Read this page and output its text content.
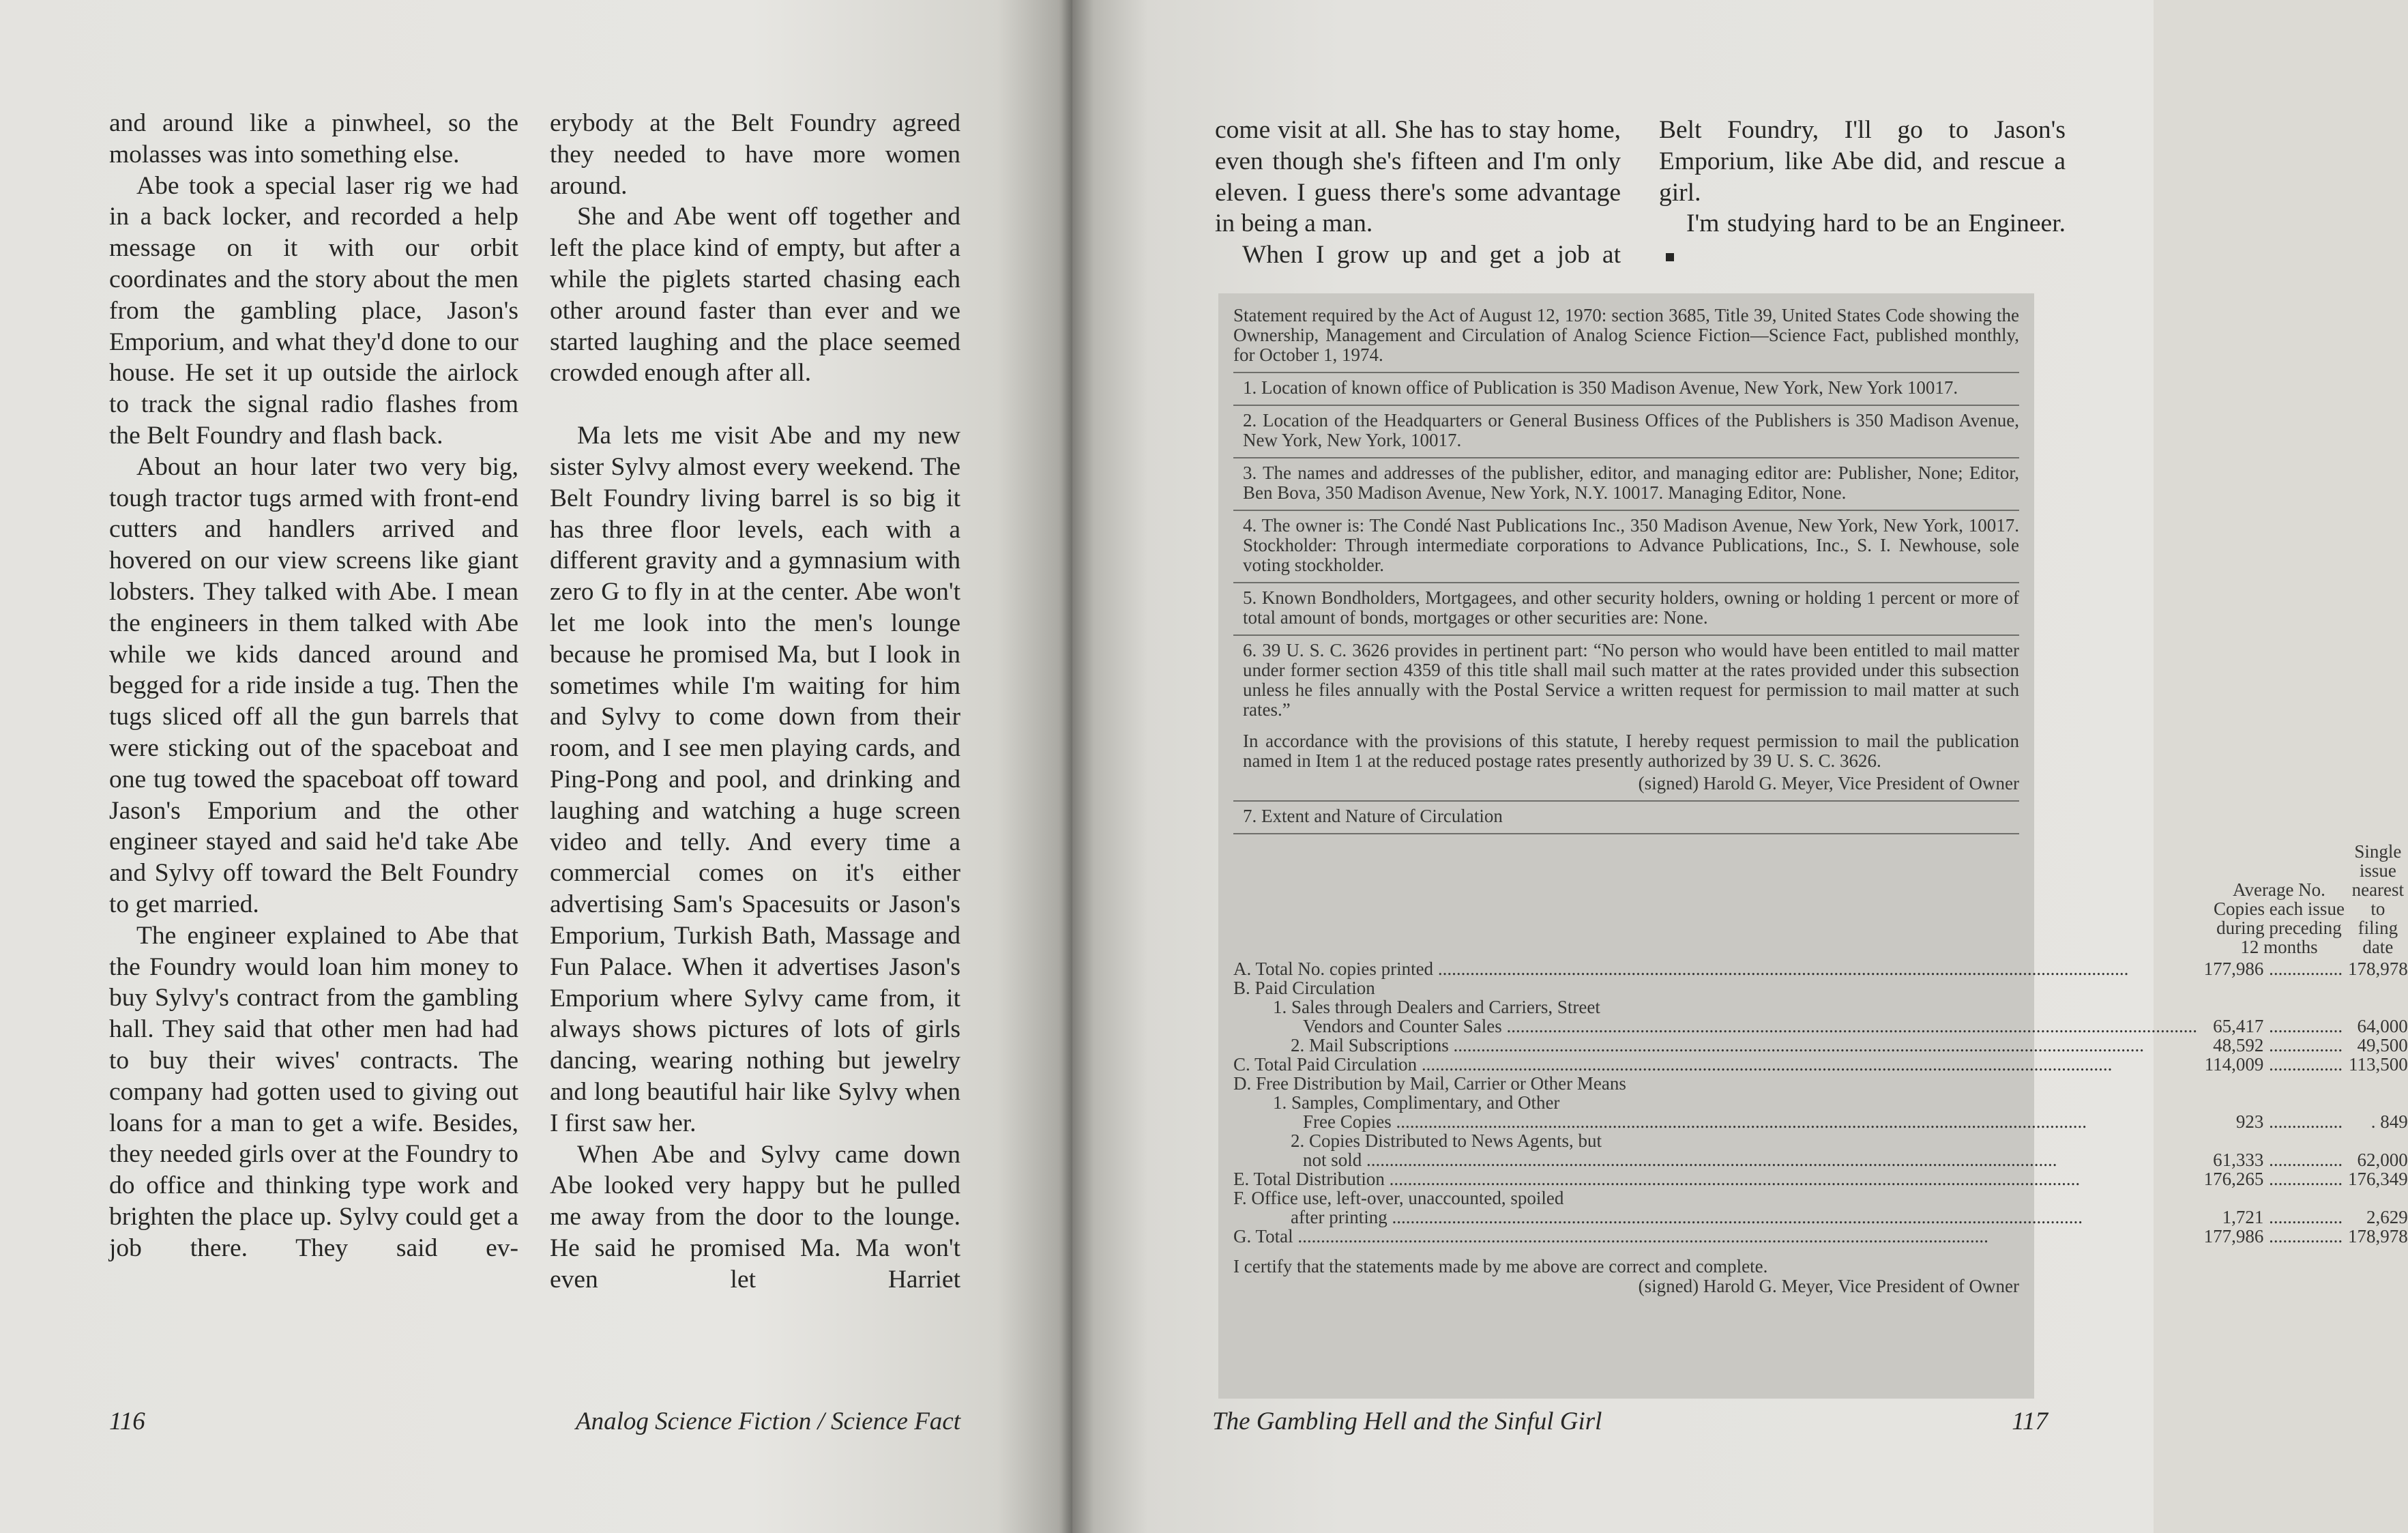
and around like a pinwheel, so the molasses was into something else.

Abe took a special laser rig we had in a back locker, and recorded a help message on it with our orbit coordinates and the story about the men from the gambling place, Jason's Emporium, and what they'd done to our house. He set it up outside the airlock to track the signal radio flashes from the Belt Foundry and flash back.

About an hour later two very big, tough tractor tugs armed with front-end cutters and handlers arrived and hovered on our view screens like giant lobsters. They talked with Abe. I mean the engineers in them talked with Abe while we kids danced around and begged for a ride inside a tug. Then the tugs sliced off all the gun barrels that were sticking out of the spaceboat and one tug towed the spaceboat off toward Jason's Emporium and the other engineer stayed and said he'd take Abe and Sylvy off toward the Belt Foundry to get married.

The engineer explained to Abe that the Foundry would loan him money to buy Sylvy's contract from the gambling hall. They said that other men had had to buy their wives' contracts. The company had gotten used to giving out loans for a man to get a wife. Besides, they needed girls over at the Foundry to do office and thinking type work and brighten the place up. Sylvy could get a job there. They said ev-

erybody at the Belt Foundry agreed they needed to have more women around.

She and Abe went off together and left the place kind of empty, but after a while the piglets started chasing each other around faster than ever and we started laughing and the place seemed crowded enough after all.

Ma lets me visit Abe and my new sister Sylvy almost every weekend. The Belt Foundry living barrel is so big it has three floor levels, each with a different gravity and a gymnasium with zero G to fly in at the center. Abe won't let me look into the men's lounge because he promised Ma, but I look in sometimes while I'm waiting for him and Sylvy to come down from their room, and I see men playing cards, and Ping-Pong and pool, and drinking and laughing and watching a huge screen video and telly. And every time a commercial comes on it's either advertising Sam's Spacesuits or Jason's Emporium, Turkish Bath, Massage and Fun Palace. When it advertises Jason's Emporium where Sylvy came from, it always shows pictures of lots of girls dancing, wearing nothing but jewelry and long beautiful hair like Sylvy when I first saw her.

When Abe and Sylvy came down Abe looked very happy but he pulled me away from the door to the lounge. He said he promised Ma. Ma won't even let Harriet

116	Analog Science Fiction / Science Fact

come visit at all. She has to stay home, even though she's fifteen and I'm only eleven. I guess there's some advantage in being a man.

When I grow up and get a job at

Belt Foundry, I'll go to Jason's Emporium, like Abe did, and rescue a girl.

I'm studying hard to be an Engineer.

The Gambling Hell and the Sinful Girl	117
Statement required by the Act of August 12, 1970: section 3685, Title 39, United States Code showing the Ownership, Management and Circulation of Analog Science Fiction—Science Fact, published monthly, for October 1, 1974.
1. Location of known office of Publication is 350 Madison Avenue, New York, New York 10017.
2. Location of the Headquarters or General Business Offices of the Publishers is 350 Madison Avenue, New York, New York, 10017.
3. The names and addresses of the publisher, editor, and managing editor are: Publisher, None; Editor, Ben Bova, 350 Madison Avenue, New York, N.Y. 10017. Managing Editor, None.
4. The owner is: The Condé Nast Publications Inc., 350 Madison Avenue, New York, New York, 10017. Stockholder: Through intermediate corporations to Advance Publications, Inc., S. I. Newhouse, sole voting stockholder.
5. Known Bondholders, Mortgagees, and other security holders, owning or holding 1 percent or more of total amount of bonds, mortgages or other securities are: None.
6. 39 U. S. C. 3626 provides in pertinent part: “No person who would have been entitled to mail matter under former section 4359 of this title shall mail such matter at the rates provided under this subsection unless he files annually with the Postal Service a written request for permission to mail matter at such rates.”
In accordance with the provisions of this statute, I hereby request permission to mail the publication named in Item 1 at the reduced postage rates presently authorized by 39 U. S. C. 3626.
(signed) Harold G. Meyer, Vice President of Owner
7. Extent and Nature of Circulation

	Average No. Copies each issue during preceding 12 months		Single issue nearest to filing date

A. Total No. copies printed .....	177,986	.....	178,978
B. Paid Circulation			
1. Sales through Dealers and Carriers, Street			
Vendors and Counter Sales .....	65,417	.....	64,000
2. Mail Subscriptions .....	48,592	.....	49,500
C. Total Paid Circulation .....	114,009	.....	113,500
D. Free Distribution by Mail, Carrier or Other Means			
1. Samples, Complimentary, and Other			
Free Copies .....	923	.....	. 849
2. Copies Distributed to News Agents, but			
not sold .....	61,333	.....	62,000
E. Total Distribution .....	176,265	.....	176,349
F. Office use, left-over, unaccounted, spoiled			
after printing .....	1,721	.....	2,629
G. Total .....	177,986	.....	178,978
I certify that the statements made by me above are correct and complete.
(signed) Harold G. Meyer, Vice President of Owner
